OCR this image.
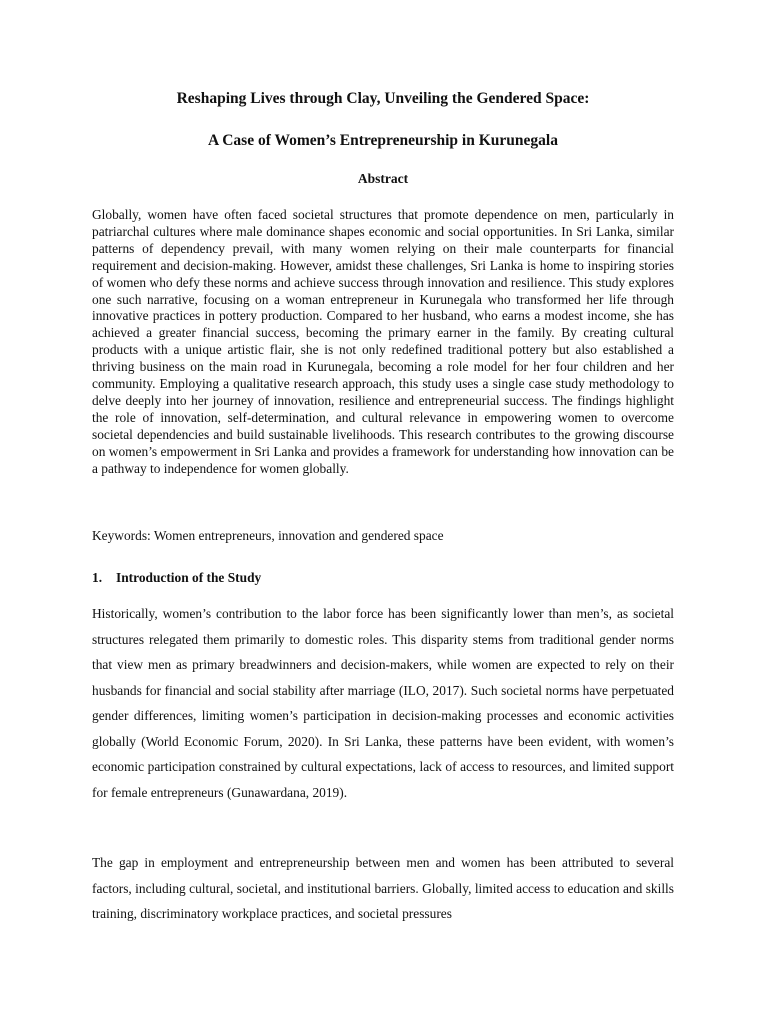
Reshaping Lives through Clay, Unveiling the Gendered Space:
A Case of Women’s Entrepreneurship in Kurunegala
Abstract

Globally, women have often faced societal structures that promote dependence on men, particularly in patriarchal cultures where male dominance shapes economic and social opportunities. In Sri Lanka, similar patterns of dependency prevail, with many women relying on their male counterparts for financial requirement and decision-making. However, amidst these challenges, Sri Lanka is home to inspiring stories of women who defy these norms and achieve success through innovation and resilience. This study explores one such narrative, focusing on a woman entrepreneur in Kurunegala who transformed her life through innovative practices in pottery production. Compared to her husband, who earns a modest income, she has achieved a greater financial success, becoming the primary earner in the family. By creating cultural products with a unique artistic flair, she is not only redefined traditional pottery but also established a thriving business on the main road in Kurunegala, becoming a role model for her four children and her community. Employing a qualitative research approach, this study uses a single case study methodology to delve deeply into her journey of innovation, resilience and entrepreneurial success. The findings highlight the role of innovation, self-determination, and cultural relevance in empowering women to overcome societal dependencies and build sustainable livelihoods. This research contributes to the growing discourse on women’s empowerment in Sri Lanka and provides a framework for understanding how innovation can be a pathway to independence for women globally.

Keywords: Women entrepreneurs, innovation and gendered space

1. Introduction of the Study

Historically, women’s contribution to the labor force has been significantly lower than men’s, as societal structures relegated them primarily to domestic roles. This disparity stems from traditional gender norms that view men as primary breadwinners and decision-makers, while women are expected to rely on their husbands for financial and social stability after marriage (ILO, 2017). Such societal norms have perpetuated gender differences, limiting women’s participation in decision-making processes and economic activities globally (World Economic Forum, 2020). In Sri Lanka, these patterns have been evident, with women’s economic participation constrained by cultural expectations, lack of access to resources, and limited support for female entrepreneurs (Gunawardana, 2019).

The gap in employment and entrepreneurship between men and women has been attributed to several factors, including cultural, societal, and institutional barriers. Globally, limited access to education and skills training, discriminatory workplace practices, and societal pressures
